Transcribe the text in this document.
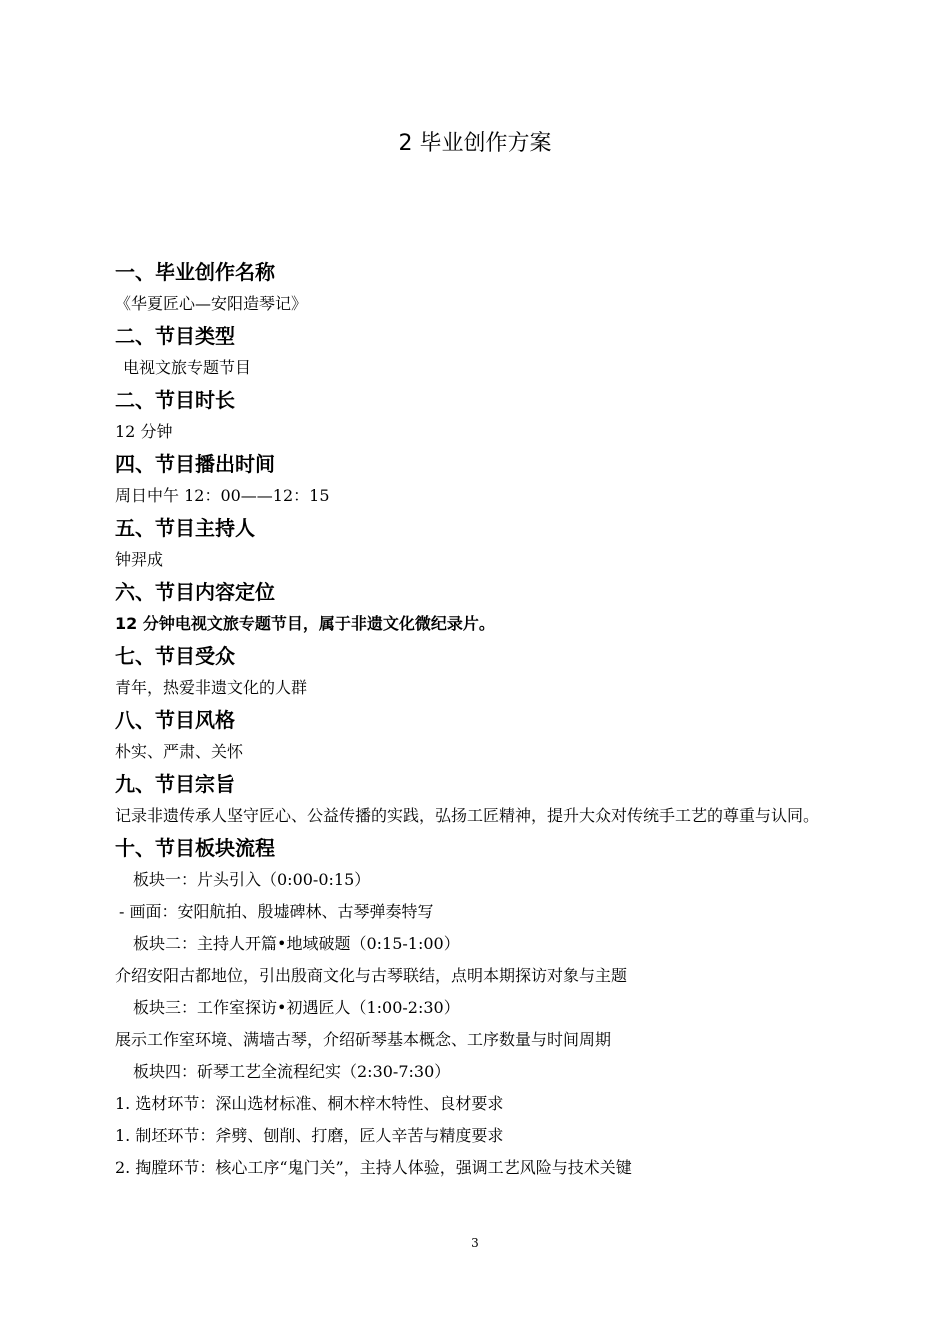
2 毕业创作方案
一、毕业创作名称
《华夏匠心—安阳造琴记》
二、节目类型
电视文旅专题节目
二、节目时长
12 分钟
四、节目播出时间
周日中午 12：00——12：15
五、节目主持人
钟羿成
六、节目内容定位
12 分钟电视文旅专题节目，属于非遗文化微纪录片。
七、节目受众
青年，热爱非遗文化的人群
八、节目风格
朴实、严肃、关怀
九、节目宗旨
记录非遗传承人坚守匠心、公益传播的实践，弘扬工匠精神，提升大众对传统手工艺的尊重与认同。
十、节目板块流程
板块一：片头引入（0:00-0:15）
- 画面：安阳航拍、殷墟碑林、古琴弹奏特写
板块二：主持人开篇•地域破题（0:15-1:00）
介绍安阳古都地位，引出殷商文化与古琴联结，点明本期探访对象与主题
板块三：工作室探访•初遇匠人（1:00-2:30）
展示工作室环境、满墙古琴，介绍斫琴基本概念、工序数量与时间周期
板块四：斫琴工艺全流程纪实（2:30-7:30）
1. 选材环节：深山选材标准、桐木梓木特性、良材要求
1. 制坯环节：斧劈、刨削、打磨，匠人辛苦与精度要求
2. 掏膛环节：核心工序“鬼门关”，主持人体验，强调工艺风险与技术关键
3
